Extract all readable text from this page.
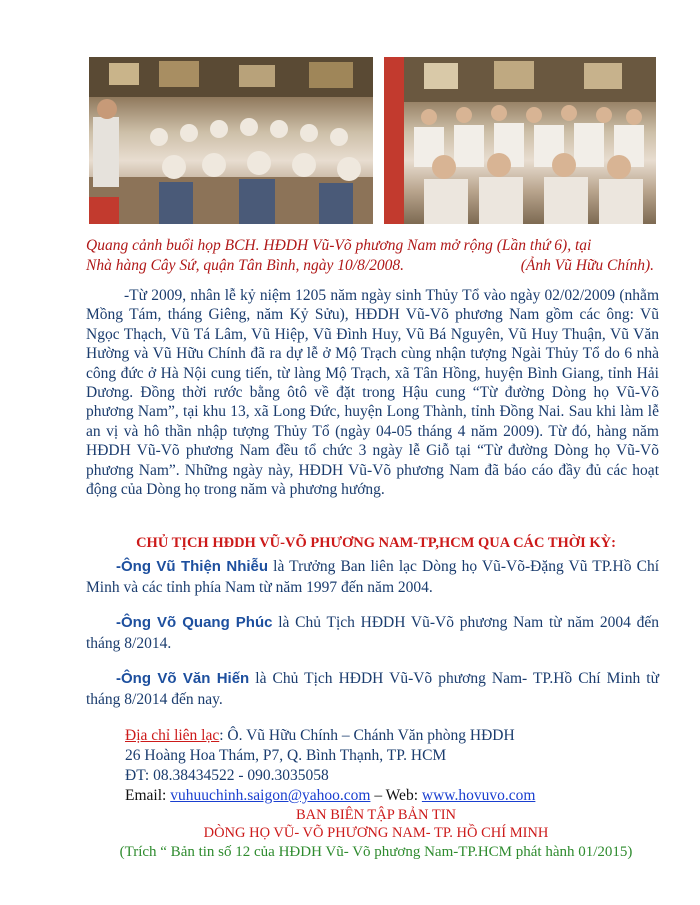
Quang cảnh buổi họp BCH. HĐDH Vũ-Võ phương Nam mở rộng (Lần thứ 6), tại
Nhà hàng Cây Sứ, quận Tân Bình, ngày 10/8/2008.	(Ảnh Vũ Hữu Chính).
-Từ 2009, nhân lễ kỷ niệm 1205 năm ngày sinh Thủy Tổ vào ngày 02/02/2009 (nhằm Mồng Tám, tháng Giêng, năm Kỷ Sửu), HĐDH Vũ-Võ phương Nam gồm các ông: Vũ Ngọc Thạch, Vũ Tá Lâm, Vũ Hiệp, Vũ Đình Huy, Vũ Bá Nguyên, Vũ Huy Thuận, Vũ Văn Hường và Vũ Hữu Chính đã ra dự lễ ở Mộ Trạch cùng nhận tượng Ngài Thủy Tổ do 6 nhà công đức ở Hà Nội cung tiến, từ làng Mộ Trạch, xã Tân Hồng, huyện Bình Giang, tỉnh Hải Dương. Đồng thời rước bằng ôtô về đặt trong Hậu cung “Từ đường Dòng họ Vũ-Võ phương Nam”, tại khu 13, xã Long Đức, huyện Long Thành, tỉnh Đồng Nai. Sau khi làm lễ an vị và hô thần nhập tượng Thủy Tổ (ngày 04-05 tháng 4 năm 2009). Từ đó, hàng năm HĐDH Vũ-Võ phương Nam đều tổ chức 3 ngày lễ Giỗ tại “Từ đường Dòng họ Vũ-Võ phương Nam”. Những ngày này, HĐDH Vũ-Võ phương Nam đã báo cáo đầy đủ các hoạt động của Dòng họ trong năm và phương hướng.
CHỦ TỊCH HĐDH VŨ-VÕ PHƯƠNG NAM-TP,HCM QUA CÁC THỜI KỲ:
-Ông Vũ Thiện Nhiễu là Trưởng Ban liên lạc Dòng họ Vũ-Võ-Đặng Vũ TP.Hồ Chí Minh và các tỉnh phía Nam từ năm 1997 đến năm 2004.
-Ông Võ Quang Phúc là Chủ Tịch HĐDH Vũ-Võ phương Nam từ năm 2004 đến tháng 8/2014.
-Ông Võ Văn Hiến là Chủ Tịch HĐDH Vũ-Võ phương Nam- TP.Hồ Chí Minh từ tháng 8/2014 đến nay.
Địa chỉ liên lạc: Ô. Vũ Hữu Chính – Chánh Văn phòng HĐDH
26 Hoàng Hoa Thám, P7, Q. Bình Thạnh, TP. HCM
ĐT: 08.38434522 - 090.3035058
Email: vuhuuchinh.saigon@yahoo.com – Web: www.hovuvo.com
BAN BIÊN TẬP BẢN TIN
DÒNG HỌ VŨ- VÕ PHƯƠNG NAM- TP. HỒ CHÍ MINH
(Trích “ Bản tin số 12 của HĐDH Vũ- Võ phương Nam-TP.HCM phát hành 01/2015)
